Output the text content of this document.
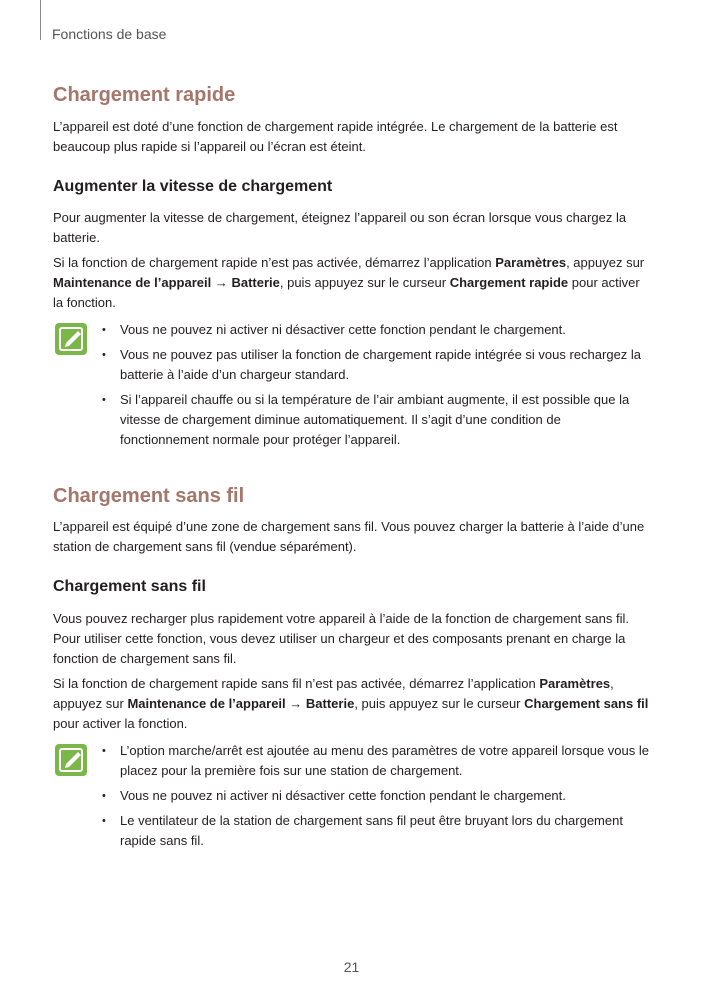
Fonctions de base
Chargement rapide

L’appareil est doté d’une fonction de chargement rapide intégrée. Le chargement de la batterie est beaucoup plus rapide si l’appareil ou l’écran est éteint.

Augmenter la vitesse de chargement

Pour augmenter la vitesse de chargement, éteignez l’appareil ou son écran lorsque vous chargez la batterie.

Si la fonction de chargement rapide n’est pas activée, démarrez l’application Paramètres, appuyez sur Maintenance de l’appareil → Batterie, puis appuyez sur le curseur Chargement rapide pour activer la fonction.

• Vous ne pouvez ni activer ni désactiver cette fonction pendant le chargement.
• Vous ne pouvez pas utiliser la fonction de chargement rapide intégrée si vous rechargez la batterie à l’aide d’un chargeur standard.
• Si l’appareil chauffe ou si la température de l’air ambiant augmente, il est possible que la vitesse de chargement diminue automatiquement. Il s’agit d’une condition de fonctionnement normale pour protéger l’appareil.
Chargement sans fil

L’appareil est équipé d’une zone de chargement sans fil. Vous pouvez charger la batterie à l’aide d’une station de chargement sans fil (vendue séparément).

Chargement sans fil

Vous pouvez recharger plus rapidement votre appareil à l’aide de la fonction de chargement sans fil. Pour utiliser cette fonction, vous devez utiliser un chargeur et des composants prenant en charge la fonction de chargement sans fil.

Si la fonction de chargement rapide sans fil n’est pas activée, démarrez l’application Paramètres, appuyez sur Maintenance de l’appareil → Batterie, puis appuyez sur le curseur Chargement sans fil pour activer la fonction.

• L’option marche/arrêt est ajoutée au menu des paramètres de votre appareil lorsque vous le placez pour la première fois sur une station de chargement.
• Vous ne pouvez ni activer ni désactiver cette fonction pendant le chargement.
• Le ventilateur de la station de chargement sans fil peut être bruyant lors du chargement rapide sans fil.
21
